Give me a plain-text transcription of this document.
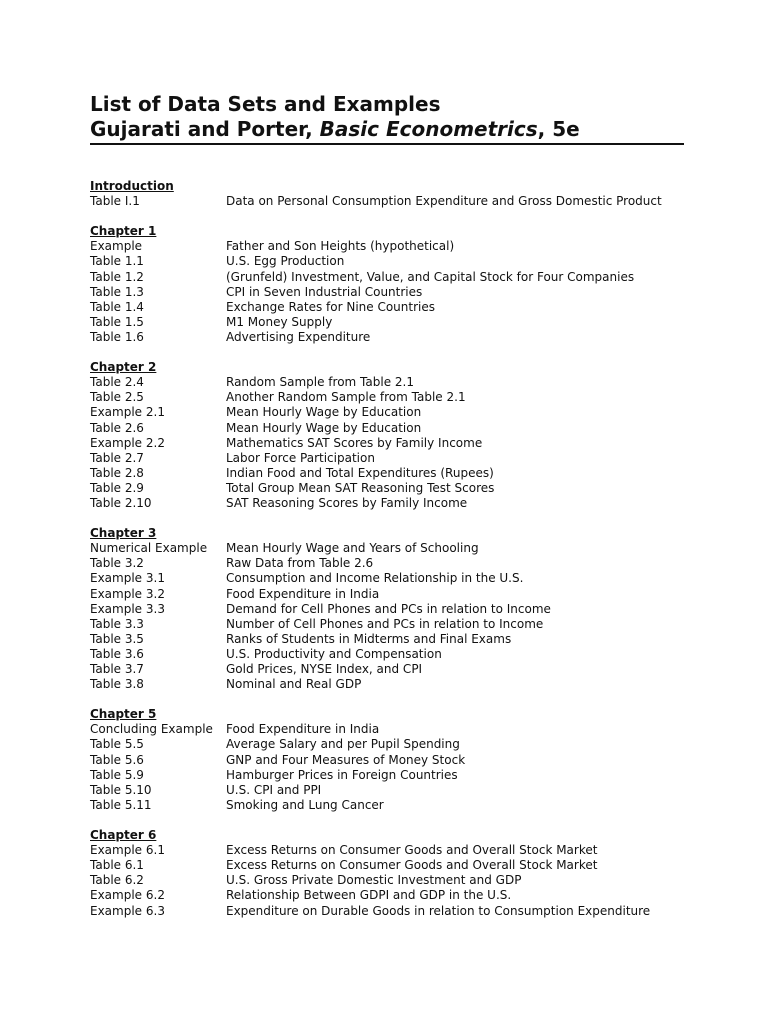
List of Data Sets and Examples
Gujarati and Porter, Basic Econometrics, 5e
Introduction
Table I.1	Data on Personal Consumption Expenditure and Gross Domestic Product
Chapter 1
Example	Father and Son Heights (hypothetical)
Table 1.1	U.S. Egg Production
Table 1.2	(Grunfeld) Investment, Value, and Capital Stock for Four Companies
Table 1.3	CPI in Seven Industrial Countries
Table 1.4	Exchange Rates for Nine Countries
Table 1.5	M1 Money Supply
Table 1.6	Advertising Expenditure
Chapter 2
Table 2.4	Random Sample from Table 2.1
Table 2.5	Another Random Sample from Table 2.1
Example 2.1	Mean Hourly Wage by Education
Table 2.6	Mean Hourly Wage by Education
Example 2.2	Mathematics SAT Scores by Family Income
Table 2.7	Labor Force Participation
Table 2.8	Indian Food and Total Expenditures (Rupees)
Table 2.9	Total Group Mean SAT Reasoning Test Scores
Table 2.10	SAT Reasoning Scores by Family Income
Chapter 3
Numerical Example	Mean Hourly Wage and Years of Schooling
Table 3.2	Raw Data from Table 2.6
Example 3.1	Consumption and Income Relationship in the U.S.
Example 3.2	Food Expenditure in India
Example 3.3	Demand for Cell Phones and PCs in relation to Income
Table 3.3	Number of Cell Phones and PCs in relation to Income
Table 3.5	Ranks of Students in Midterms and Final Exams
Table 3.6	U.S. Productivity and Compensation
Table 3.7	Gold Prices, NYSE Index, and CPI
Table 3.8	Nominal and Real GDP
Chapter 5
Concluding Example	Food Expenditure in India
Table 5.5	Average Salary and per Pupil Spending
Table 5.6	GNP and Four Measures of Money Stock
Table 5.9	Hamburger Prices in Foreign Countries
Table 5.10	U.S. CPI and PPI
Table 5.11	Smoking and Lung Cancer
Chapter 6
Example 6.1	Excess Returns on Consumer Goods and Overall Stock Market
Table 6.1	Excess Returns on Consumer Goods and Overall Stock Market
Table 6.2	U.S. Gross Private Domestic Investment and GDP
Example 6.2	Relationship Between GDPI and GDP in the U.S.
Example 6.3	Expenditure on Durable Goods in relation to Consumption Expenditure
